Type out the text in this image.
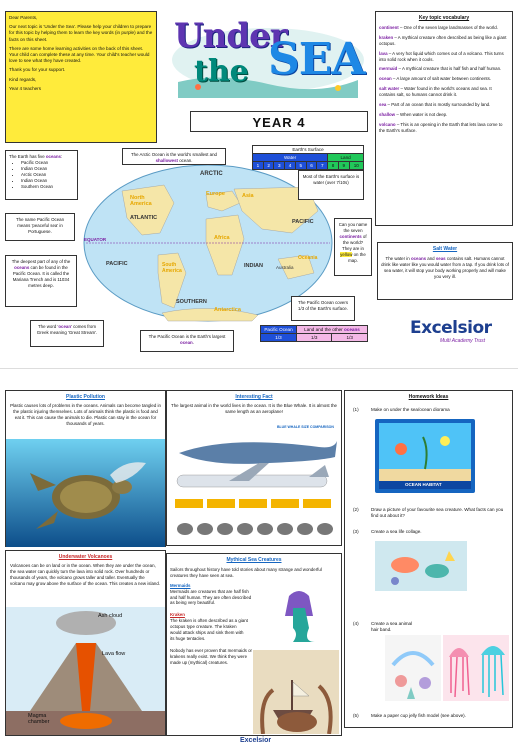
Dear Parents,
Our next topic is 'Under the Sea'. Please help your children to prepare for this topic by helping them to learn the key words (in purple) and the facts on this sheet.
There are some home learning activities on the back of this sheet. Your child can complete these at any time. Your child's teacher would love to see what they have created.
Thank you for your support.
Kind regards,
Year 4 teachers
Under
the SEA
YEAR 4
Key topic vocabulary
continent – One of the seven large landmasses of the world.
kraken – A mythical creature often described as being like a giant octopus.
lava – A very hot liquid which comes out of a volcano. This turns into solid rock when it cools.
mermaid – A mythical creature that is half fish and half human.
ocean – A large amount of salt water between continents.
salt water – Water found in the world's oceans and sea. It contains salt, so humans cannot drink it.
sea – Part of an ocean that is mostly surrounded by land.
shallow – When water is not deep.
volcano – This is an opening in the Earth that lets lava come to the Earth's surface.
ARCTIC
North America
Europe	Asia
ATLANTIC
PACIFIC
Africa
EQUATOR
PACIFIC	South America
INDIAN	Australia
Oceania
SOUTHERN
Antarctica
The Earth has five oceans:
• Pacific Ocean
• Indian Ocean
• Arctic Ocean
• Indian Ocean
• Southern Ocean
The Arctic Ocean is the world's smallest and shallowest ocean.
Earth's Surface									
Water							Land		
1	2	3	4	5	6	7	8	9	10
Most of the Earth's surface is water (over 7/10s)
The name Pacific Ocean means 'peaceful sea' in Portuguese.
Can you name the seven continents of the world? They are in yellow on the map.
The deepest part of any of the oceans can be found in the Pacific Ocean. It is called the Mariana Trench and is 11034 metres deep.
Salt Water
The water in oceans and seas contains salt. Humans cannot drink like water like you would water from a tap. If you drink lots of sea water, it will stop your body working properly and will make you very ill.
The Pacific Ocean covers 1/3 of the Earth's surface.
The word 'ocean' comes from Greek meaning 'Great Stream'.
The Pacific Ocean is the Earth's largest ocean.
Pacific Ocean	Land and the other oceans	
1/3	1/3	1/3	Excelsior
Multi Academy Trust
Plastic Pollution
Plastic causes lots of problems in the oceans. Animals can become tangled in the plastic injuring themselves. Lots of animals think the plastic is food and eat it. This can cause the animals to die. Plastic can stay in the ocean for thousands of years.
Interesting Fact
The largest animal in the world lives in the ocean. It is the Blue Whale. It is almost the same length as an aeroplane!
BLUE WHALE SIZE COMPARISON
Underwater Volcanoes
Volcanoes can be on land or in the ocean. When they are under the ocean, the sea water can quickly turn the lava into solid rock. Over hundreds or thousands of years, the volcano grows taller and taller. Eventually the volcano may grow above the surface of the ocean. This creates a new island.
Ash cloud
Lava flow
Magma chamber
Mythical Sea Creatures
Sailors throughout history have told stories about many strange and wonderful creatures they have seen at sea.
Mermaids
Mermaids are creatures that are half fish and half human. They are often described as being very beautiful.
Kraken
The kraken is often described as a giant octopus type creature. The kraken would attack ships and sink them with its huge tentacles.
Nobody has ever proven that mermaids or krakens really exist. We think they were made up (mythical) creatures.
Homework Ideas
(1)	Make on under the sea/ocean diorama
OCEAN HABITAT
(2)	Draw a picture of your favourite sea creature. What facts can you find out about it?
(3)	Create a sea life collage.
(4)	Create a sea animal hair band.
(5)	Make a paper cup jelly fish model (see above).
Excelsior
